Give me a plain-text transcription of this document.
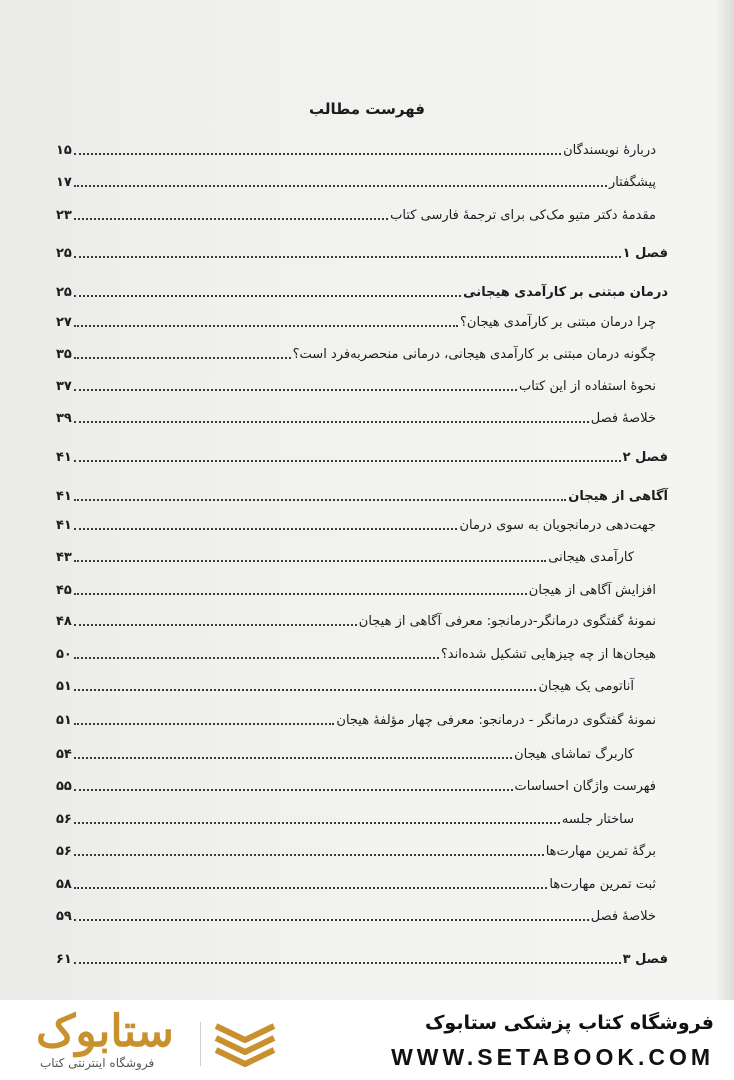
فهرست مطالب
دربارهٔ نویسندگان
۱۵
پیشگفتار
۱۷
مقدمهٔ دکتر متیو مک‌کی برای ترجمهٔ فارسی کتاب
۲۳
فصل ۱
۲۵
درمان مبتنی بر کارآمدی هیجانی
۲۵
چرا درمان مبتنی بر کارآمدی هیجان؟
۲۷
چگونه درمان مبتنی بر کارآمدی هیجانی، درمانی منحصربه‌فرد است؟
۳۵
نحوهٔ استفاده از این کتاب
۳۷
خلاصهٔ فصل
۳۹
فصل ۲
۴۱
آگاهی از هیجان
۴۱
جهت‌دهی درمانجویان به سوی درمان
۴۱
کارآمدی هیجانی
۴۳
افزایش آگاهی از هیجان
۴۵
نمونهٔ گفتگوی درمانگر-درمانجو: معرفی آگاهی از هیجان
۴۸
هیجان‌ها از چه چیزهایی تشکیل شده‌اند؟
۵۰
آناتومی یک هیجان
۵۱
نمونهٔ گفتگوی درمانگر - درمانجو: معرفی چهار مؤلفهٔ هیجان
۵۱
کاربرگ تماشای هیجان
۵۴
فهرست واژگان احساسات
۵۵
ساختار جلسه
۵۶
برگهٔ تمرین مهارت‌ها
۵۶
ثبت تمرین مهارت‌ها
۵۸
خلاصهٔ فصل
۵۹
فصل ۳
۶۱
فروشگاه کتاب پزشکی ستابوک
WWW.SETABOOK.COM
ستابوک
فروشگاه اینترنتی کتاب
